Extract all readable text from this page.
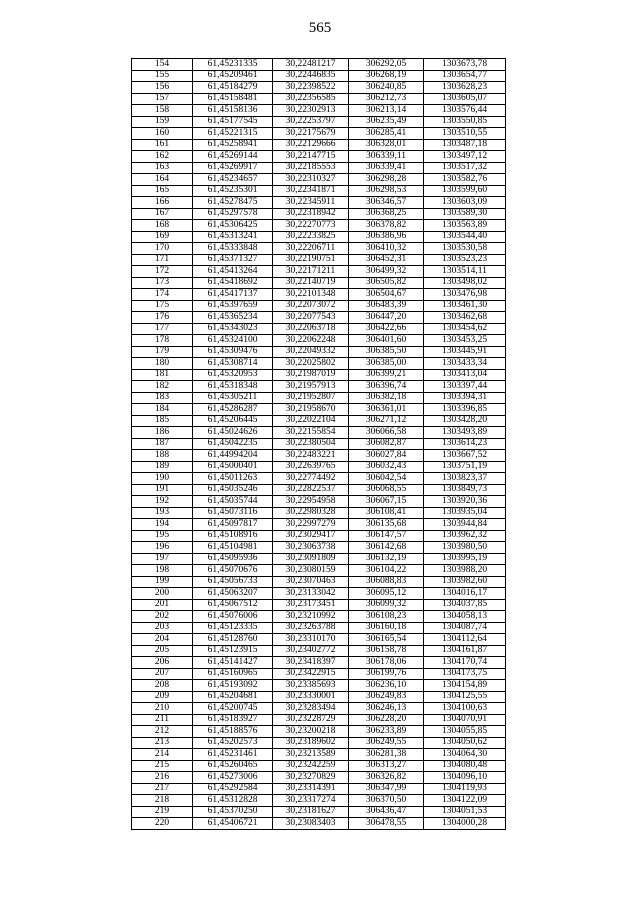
565
154	61,45231335	30,22481217	306292,05	1303673,78
155	61,45209461	30,22446835	306268,19	1303654,77
156	61,45184279	30,22398522	306240,85	1303628,23
157	61,45158481	30,22356585	306212,73	1303605,07
158	61,45158136	30,22302913	306213,14	1303576,44
159	61,45177545	30,22253797	306235,49	1303550,85
160	61,45221315	30,22175679	306285,41	1303510,55
161	61,45258941	30,22129666	306328,01	1303487,18
162	61,45269144	30,22147715	306339,11	1303497,12
163	61,45269917	30,22185553	306339,41	1303517,32
164	61,45234657	30,22310327	306298,28	1303582,76
165	61,45235301	30,22341871	306298,53	1303599,60
166	61,45278475	30,22345911	306346,57	1303603,09
167	61,45297578	30,22318942	306368,25	1303589,30
168	61,45306425	30,22270773	306378,82	1303563,89
169	61,45313241	30,22233825	306386,96	1303544,40
170	61,45333848	30,22206711	306410,32	1303530,58
171	61,45371327	30,22190751	306452,31	1303523,23
172	61,45413264	30,22171211	306499,32	1303514,11
173	61,45418692	30,22140719	306505,82	1303498,02
174	61,45417137	30,22101348	306504,67	1303476,98
175	61,45397659	30,22073072	306483,39	1303461,30
176	61,45365234	30,22077543	306447,20	1303462,68
177	61,45343023	30,22063718	306422,66	1303454,62
178	61,45324100	30,22062248	306401,60	1303453,25
179	61,45309476	30,22049332	306385,50	1303445,91
180	61,45308714	30,22025802	306385,00	1303433,34
181	61,45320953	30,21987019	306399,21	1303413,04
182	61,45318348	30,21957913	306396,74	1303397,44
183	61,45305211	30,21952807	306382,18	1303394,31
184	61,45286287	30,21958670	306361,01	1303396,85
185	61,45206445	30,22022104	306271,12	1303428,20
186	61,45024626	30,22155854	306066,58	1303493,89
187	61,45042235	30,22380504	306082,87	1303614,23
188	61,44994204	30,22483221	306027,84	1303667,52
189	61,45000401	30,22639765	306032,43	1303751,19
190	61,45011263	30,22774492	306042,54	1303823,37
191	61,45035246	30,22822537	306068,55	1303849,73
192	61,45035744	30,22954958	306067,15	1303920,36
193	61,45073116	30,22980328	306108,41	1303935,04
194	61,45097817	30,22997279	306135,68	1303944,84
195	61,45108916	30,23029417	306147,57	1303962,32
196	61,45104981	30,23063738	306142,68	1303980,50
197	61,45095936	30,23091809	306132,19	1303995,19
198	61,45070676	30,23080159	306104,22	1303988,20
199	61,45056733	30,23070463	306088,83	1303982,60
200	61,45063207	30,23133042	306095,12	1304016,17
201	61,45067512	30,23173451	306099,32	1304037,85
202	61,45076006	30,23210992	306108,23	1304058,13
203	61,45123335	30,23263788	306160,18	1304087,74
204	61,45128760	30,23310170	306165,54	1304112,64
205	61,45123915	30,23402772	306158,78	1304161,87
206	61,45141427	30,23418397	306178,06	1304170,74
207	61,45160965	30,23422915	306199,76	1304173,75
208	61,45193092	30,23385693	306236,10	1304154,89
209	61,45204681	30,23330001	306249,83	1304125,55
210	61,45200745	30,23283494	306246,13	1304100,63
211	61,45183927	30,23228729	306228,20	1304070,91
212	61,45188576	30,23200218	306233,89	1304055,85
213	61,45202573	30,23189602	306249,55	1304050,62
214	61,45231461	30,23213589	306281,38	1304064,30
215	61,45260465	30,23242259	306313,27	1304080,48
216	61,45273006	30,23270829	306326,82	1304096,10
217	61,45292584	30,23314391	306347,99	1304119,93
218	61,45312828	30,23317274	306370,50	1304122,09
219	61,45370250	30,23181627	306436,47	1304051,53
220	61,45406721	30,23083403	306478,55	1304000,28
